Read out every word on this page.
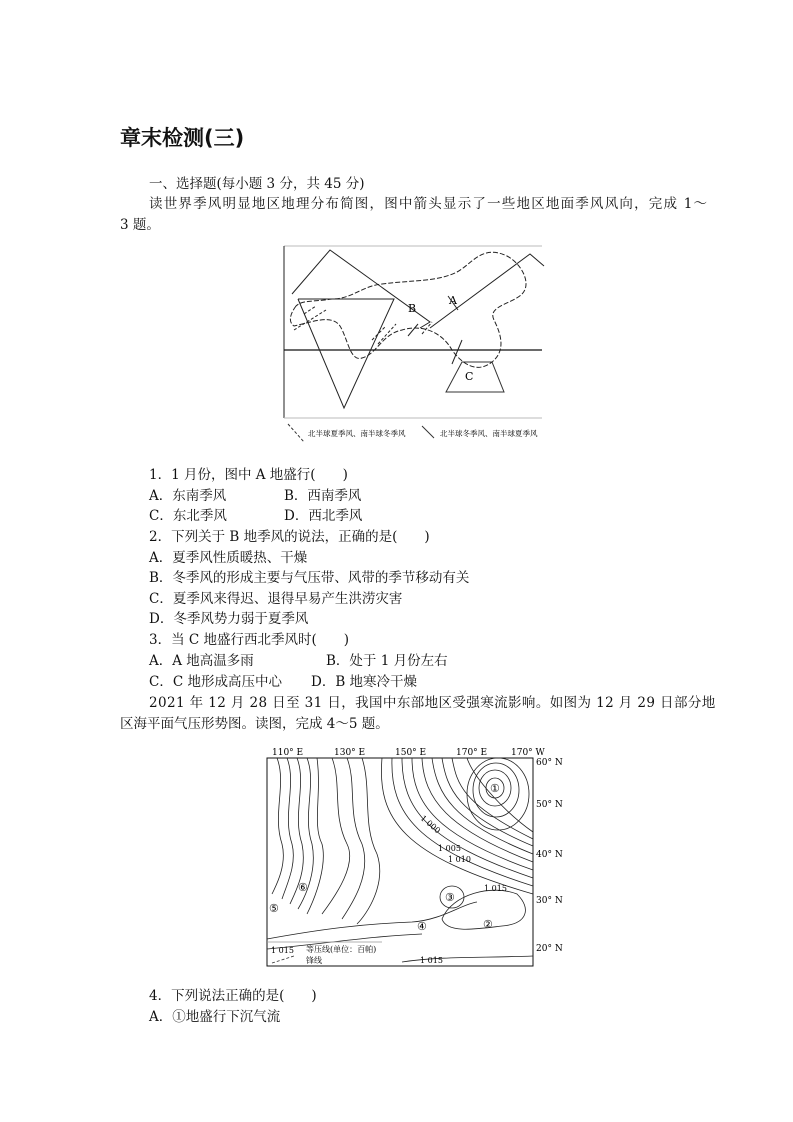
章末检测(三)
一、选择题(每小题 3 分，共 45 分)
读世界季风明显地区地理分布简图，图中箭头显示了一些地区地面季风风向，完成 1～
3 题。
A
B
C
北半球夏季风、南半球冬季风	北半球冬季风、南半球夏季风
1．1 月份，图中 A 地盛行(　　)
A．东南季风	B．西南季风
C．东北季风	D．西北季风
2．下列关于 B 地季风的说法，正确的是(　　)
A．夏季风性质暖热、干燥
B．冬季风的形成主要与气压带、风带的季节移动有关
C．夏季风来得迟、退得早易产生洪涝灾害
D．冬季风势力弱于夏季风
3．当 C 地盛行西北季风时(　　)
A．A 地高温多雨	B．处于 1 月份左右
C．C 地形成高压中心 D．B 地寒冷干燥
2021 年 12 月 28 日至 31 日，我国中东部地区受强寒流影响。如图为 12 月 29 日部分地
区海平面气压形势图。读图，完成 4～5 题。
110° E	130° E	150° E	170° E	170° W
60° N
50° N
40° N
30° N
20° N
1 000
1 005
1 010
1 015
1 015
①
②
③
④
⑤
⑥
1 015 等压线(单位：百帕)
锋线
4．下列说法正确的是(　　)
A．①地盛行下沉气流
